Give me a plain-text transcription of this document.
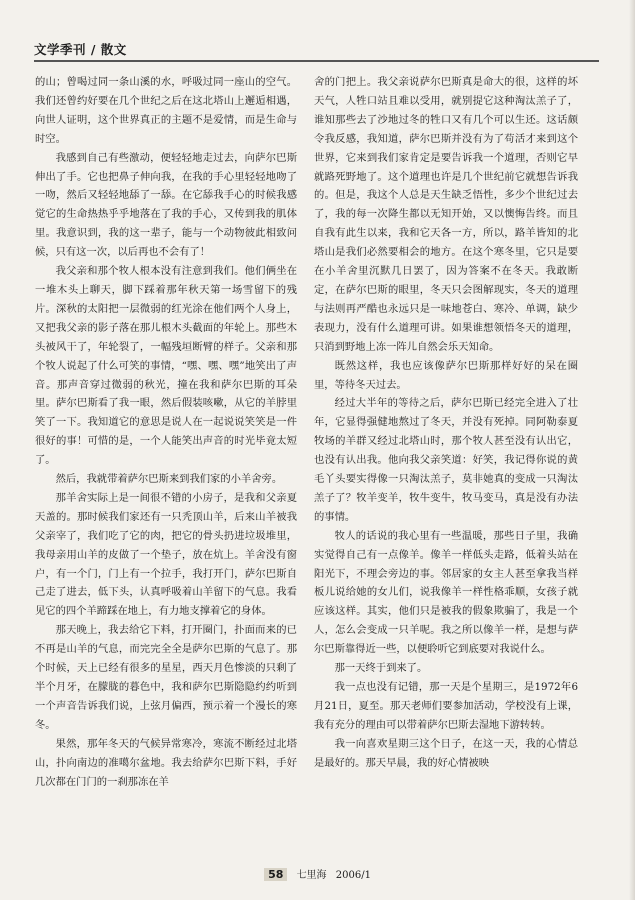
文学季刊 / 散文

的山；曾喝过同一条山溪的水，呼吸过同一座山的空气。我们还曾约好要在几个世纪之后在这北塔山上邂逅相遇，向世人证明，这个世界真正的主题不是爱情，而是生命与时空。

我感到自己有些激动，便轻轻地走过去，向萨尔巴斯伸出了手。它也把鼻子伸向我，在我的手心里轻轻地吻了一吻，然后又轻轻地舔了一舔。在它舔我手心的时候我感觉它的生命热热乎乎地落在了我的手心，又传到我的肌体里。我意识到，我的这一辈子，能与一个动物彼此相致问候，只有这一次，以后再也不会有了！

我父亲和那个牧人根本没有注意到我们。他们俩坐在一堆木头上聊天，脚下踩着那年秋天第一场雪留下的残片。深秋的太阳把一层微弱的红光涂在他们两个人身上，又把我父亲的影子落在那儿根木头截面的年轮上。那些木头被风干了，年轮裂了，一幅残垣断臂的样子。父亲和那个牧人说起了什么可笑的事情，“嘿、嘿、嘿”地笑出了声音。那声音穿过微弱的秋光，撞在我和萨尔巴斯的耳朵里。萨尔巴斯看了我一眼，然后假装咳嗽，从它的羊脖里笑了一下。我知道它的意思是说人在一起说说笑笑是一件很好的事！可惜的是，一个人能笑出声音的时光毕竟太短了。

然后，我就带着萨尔巴斯来到我们家的小羊舍旁。

那羊舍实际上是一间很不错的小房子，是我和父亲夏天盖的。那时候我们家还有一只秃顶山羊，后来山羊被我父亲宰了，我们吃了它的肉，把它的骨头扔进垃圾堆里，我母亲用山羊的皮做了一个垫子，放在炕上。羊舍没有窗户，有一个门，门上有一个拉手，我打开门，萨尔巴斯自己走了进去，低下头，认真呼吸着山羊留下的气息。我看见它的四个羊蹄踩在地上，有力地支撑着它的身体。

那天晚上，我去给它下料，打开圈门，扑面而来的已不再是山羊的气息，而完完全全是萨尔巴斯的气息了。那个时候，天上已经有很多的星星，西天月色惨淡的只剩了半个月牙，在朦胧的暮色中，我和萨尔巴斯隐隐约约听到一个声音告诉我们说，上弦月偏西，预示着一个漫长的寒冬。

果然，那年冬天的气候异常寒冷，寒流不断经过北塔山，扑向南边的准噶尔盆地。我去给萨尔巴斯下料，手好几次都在门门的一刹那冻在羊

舍的门把上。我父亲说萨尔巴斯真是命大的很，这样的坏天气，人牲口站且难以受用，就别提它这种淘汰羔子了，谁知那些去了沙地过冬的牲口又有几个可以生还。这话颇令我反感，我知道，萨尔巴斯并没有为了苟活才来到这个世界，它来到我们家肯定是要告诉我一个道理，否则它早就路死野地了。这个道理也许是几个世纪前它就想告诉我的。但是，我这个人总是天生缺乏悟性，多少个世纪过去了，我的每一次降生都以无知开始，又以懊悔告终。而且自我有此生以来，我和它天各一方，所以，路羊皆知的北塔山是我们必然要相会的地方。在这个寒冬里，它只是要在小羊舍里沉默几日罢了，因为答案不在冬天。我敢断定，在萨尔巴斯的眼里，冬天只会图解现实，冬天的道理与法则再严酷也永远只是一味地苍白、寒冷、单调，缺少表现力，没有什么道理可讲。如果谁想领悟冬天的道理，只消到野地上冻一阵儿自然会乐天知命。

既然这样，我也应该像萨尔巴斯那样好好的呆在圈里，等待冬天过去。

经过大半年的等待之后，萨尔巴斯已经完全进入了壮年，它显得强健地熬过了冬天，并没有死掉。同阿勒泰夏牧场的羊群又经过北塔山时，那个牧人甚至没有认出它，也没有认出我。他向我父亲笑道：好笑，我记得你说的黄毛丫头要实得像一只淘汰羔子，莫非她真的变成一只淘汰羔子了？牧羊变羊，牧牛变牛，牧马变马，真是没有办法的事情。

牧人的话说的我心里有一些温暖，那些日子里，我确实觉得自己有一点像羊。像羊一样低头走路，低着头站在阳光下，不理会旁边的事。邻居家的女主人甚至拿我当样板儿说给她的女儿们，说我像羊一样性格乖顺，女孩子就应该这样。其实，他们只是被我的假象欺骗了，我是一个人，怎么会变成一只羊呢。我之所以像羊一样，是想与萨尔巴斯靠得近一些，以便聆听它到底要对我说什么。

那一天终于到来了。

我一点也没有记错，那一天是个星期三，是1972年6月21日，夏至。那天老师们要参加活动，学校没有上课，我有充分的理由可以带着萨尔巴斯去湿地下游转转。

我一向喜欢星期三这个日子，在这一天，我的心情总是最好的。那天早晨，我的好心情被映

58 七里海 2006/1
